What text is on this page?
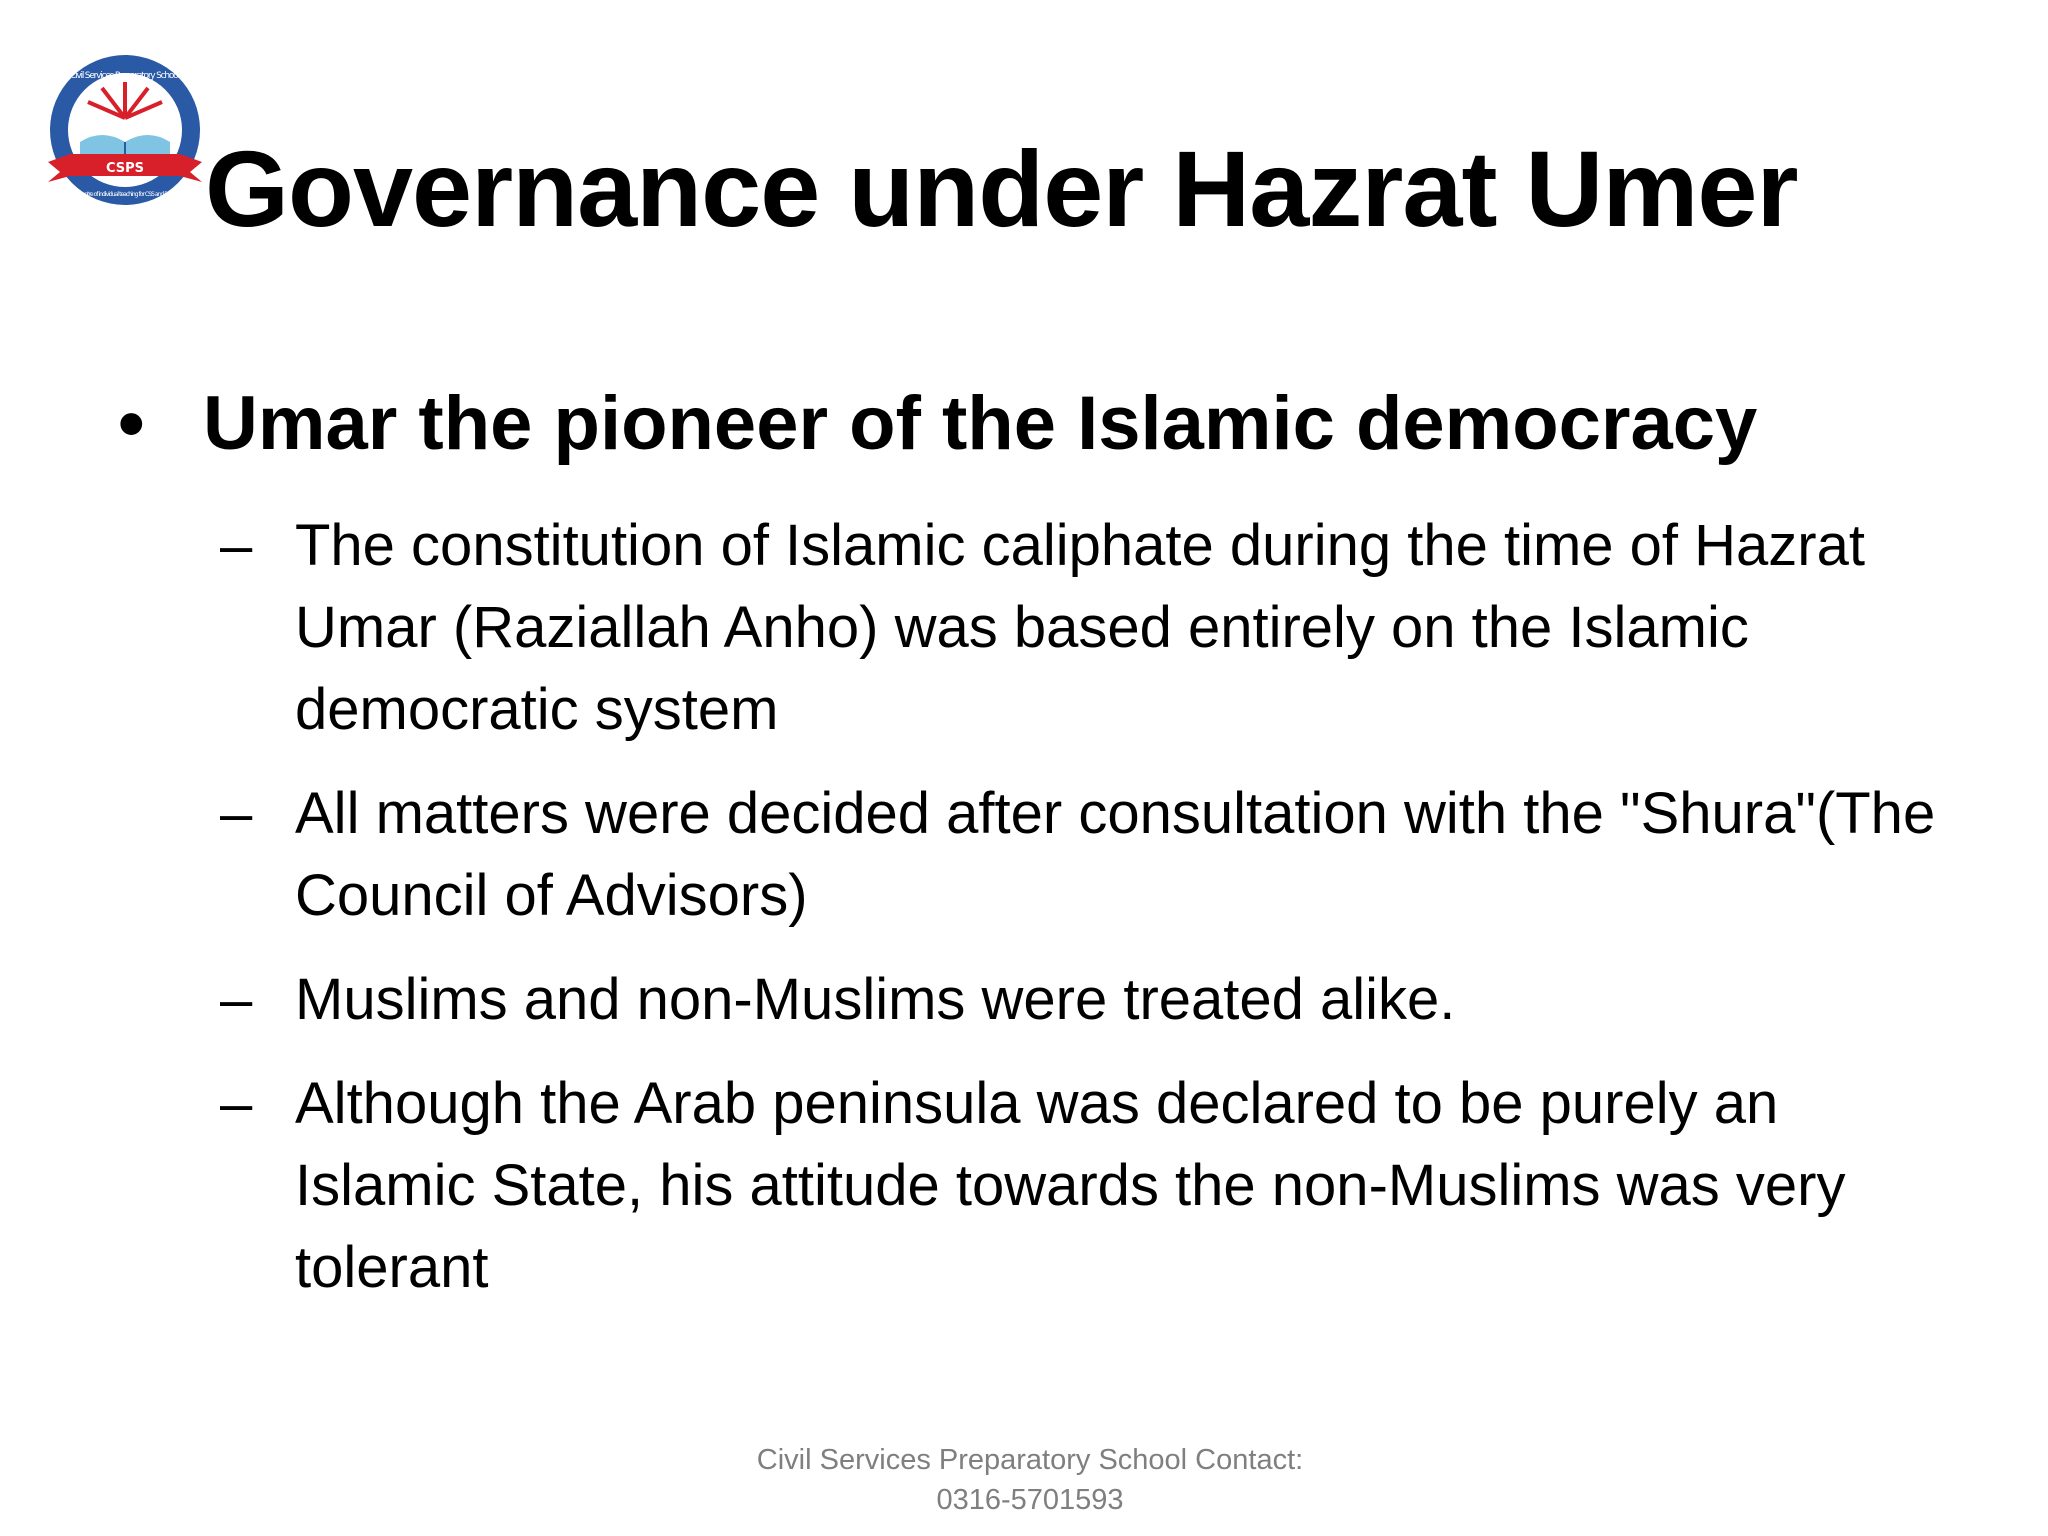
CSPS
Civil Services Preparatory School
A centre of individual teaching for CSS and PMS Governance under Hazrat Umer
• Umar the pioneer of the Islamic democracy
– The constitution of Islamic caliphate during the time of Hazrat Umar (Raziallah Anho) was based entirely on the Islamic democratic system
– All matters were decided after consultation with the "Shura"(The Council of Advisors)
– Muslims and non-Muslims were treated alike.
– Although the Arab peninsula was declared to be purely an Islamic State, his attitude towards the non-Muslims was very tolerant
Civil Services Preparatory School Contact:
0316-5701593
